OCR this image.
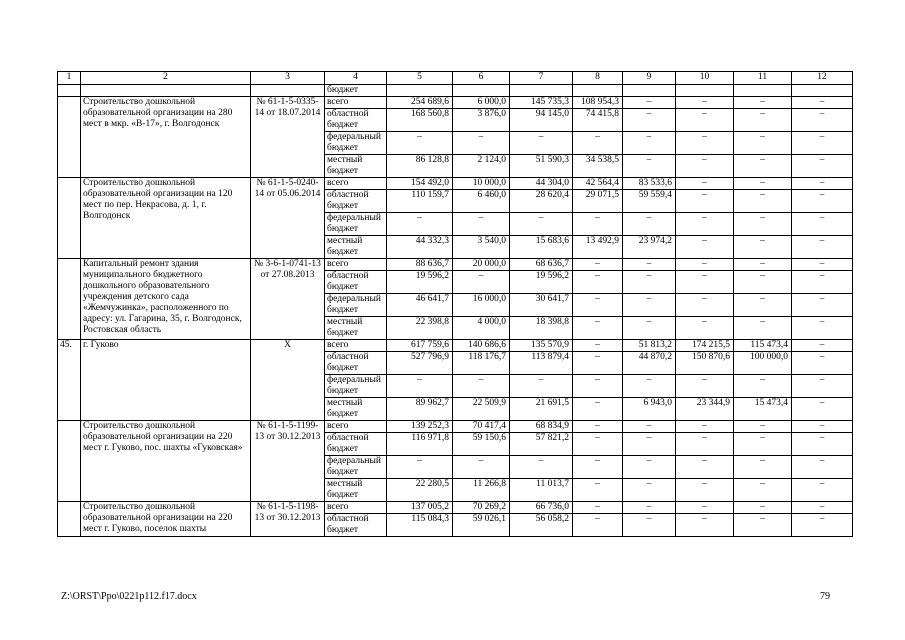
1	2	3	4	5	6	7	8	9	10	11	12
			бюджет								
	Строительство дошкольной образовательной организации на 280 мест в мкр. «В-17», г. Волгодонск	№ 61-1-5-0335-14 от 18.07.2014	всего	254 689,6	6 000,0	145 735,3	108 954,3	–	–	–	–
			областной бюджет	168 560,8	3 876,0	94 145,0	74 415,8	–	–	–	–
			федеральный бюджет	–	–	–	–	–	–	–	–
			местный бюджет	86 128,8	2 124,0	51 590,3	34 538,5	–	–	–	–
	Строительство дошкольной образовательной организации на 120 мест по пер. Некрасова, д. 1, г. Волгодонск	№ 61-1-5-0240-14 от 05.06.2014	всего	154 492,0	10 000,0	44 304,0	42 564,4	83 533,6	–	–	–
			областной бюджет	110 159,7	6 460,0	28 620,4	29 071,5	59 559,4	–	–	–
			федеральный бюджет	–	–	–	–	–	–	–	–
			местный бюджет	44 332,3	3 540,0	15 683,6	13 492,9	23 974,2	–	–	–
	Капитальный ремонт здания муниципального бюджетного дошкольного образовательного учреждения детского сада «Жемчужинка», расположенного по адресу: ул. Гагарина, 35, г. Волгодонск, Ростовская область	№ 3-6-1-0741-13 от 27.08.2013	всего	88 636,7	20 000,0	68 636,7	–	–	–	–	–
			областной бюджет	19 596,2	–	19 596,2	–	–	–	–	–
			федеральный бюджет	46 641,7	16 000,0	30 641,7	–	–	–	–	–
			местный бюджет	22 398,8	4 000,0	18 398,8	–	–	–	–	–
45.	г. Гуково	Х	всего	617 759,6	140 686,6	135 570,9	–	51 813,2	174 215,5	115 473,4	–
			областной бюджет	527 796,9	118 176,7	113 879,4	–	44 870,2	150 870,6	100 000,0	–
			федеральный бюджет	–	–	–	–	–	–	–	–
			местный бюджет	89 962,7	22 509,9	21 691,5	–	6 943,0	23 344,9	15 473,4	–
	Строительство дошкольной образовательной организации на 220 мест г. Гуково, пос. шахты «Гуковская»	№ 61-1-5-1199-13 от 30.12.2013	всего	139 252,3	70 417,4	68 834,9	–	–	–	–	–
			областной бюджет	116 971,8	59 150,6	57 821,2	–	–	–	–	–
			федеральный бюджет	–	–	–	–	–	–	–	–
			местный бюджет	22 280,5	11 266,8	11 013,7	–	–	–	–	–
	Строительство дошкольной образовательной организации на 220 мест г. Гуково, поселок шахты	№ 61-1-5-1198-13 от 30.12.2013	всего	137 005,2	70 269,2	66 736,0	–	–	–	–	–
			областной бюджет	115 084,3	59 026,1	56 058,2	–	–	–	–	–
Z:\ORST\Ppo\0221p112.f17.docx	79
